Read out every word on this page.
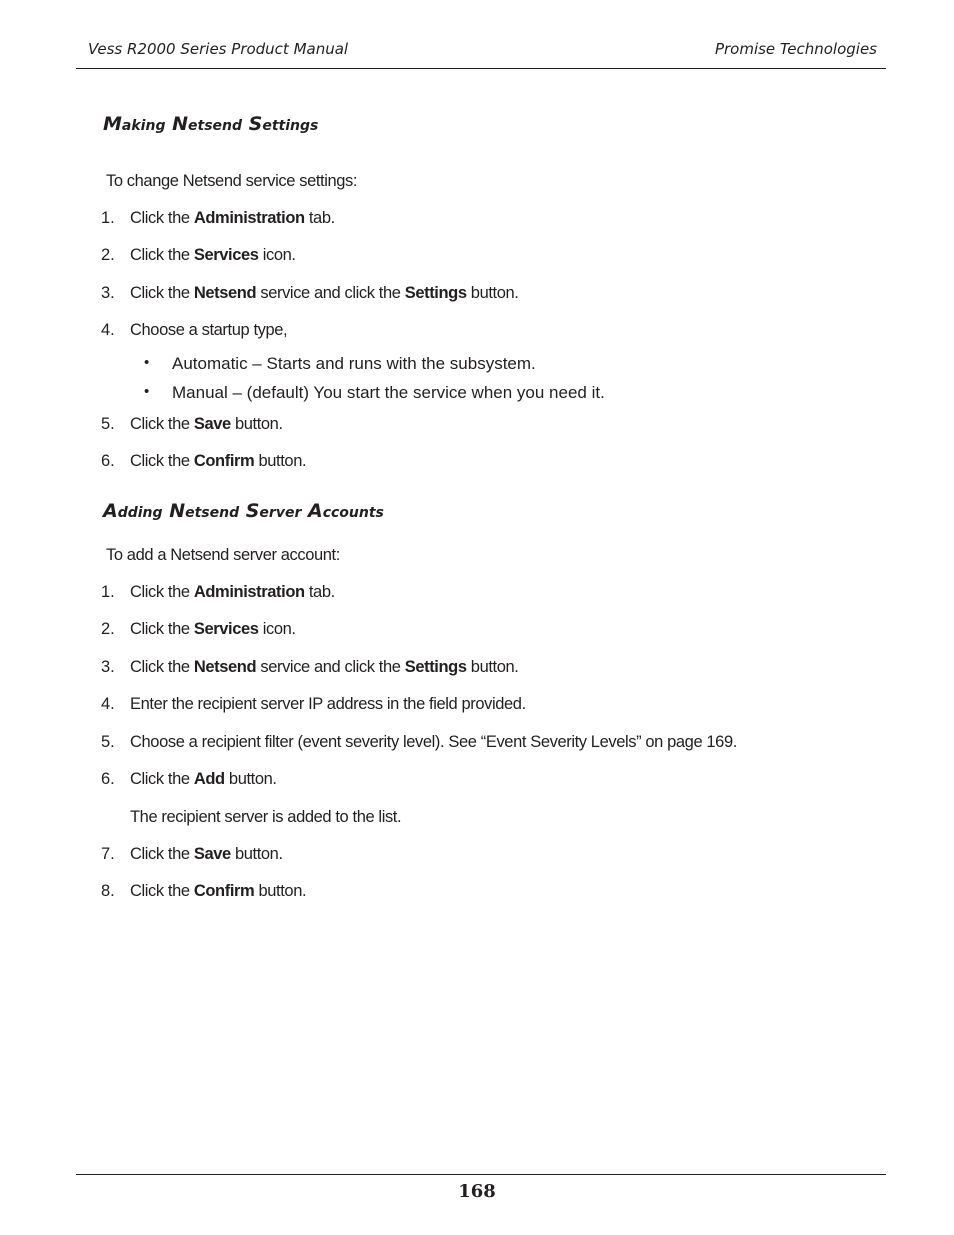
Vess R2000 Series Product Manual	Promise Technologies
Making Netsend Settings
To change Netsend service settings:
1. Click the Administration tab.
2. Click the Services icon.
3. Click the Netsend service and click the Settings button.
4. Choose a startup type,
• Automatic – Starts and runs with the subsystem.
• Manual – (default) You start the service when you need it.
5. Click the Save button.
6. Click the Confirm button.
Adding Netsend Server Accounts
To add a Netsend server account:
1. Click the Administration tab.
2. Click the Services icon.
3. Click the Netsend service and click the Settings button.
4. Enter the recipient server IP address in the field provided.
5. Choose a recipient filter (event severity level). See “Event Severity Levels” on page 169.
6. Click the Add button.
The recipient server is added to the list.
7. Click the Save button.
8. Click the Confirm button.
168
